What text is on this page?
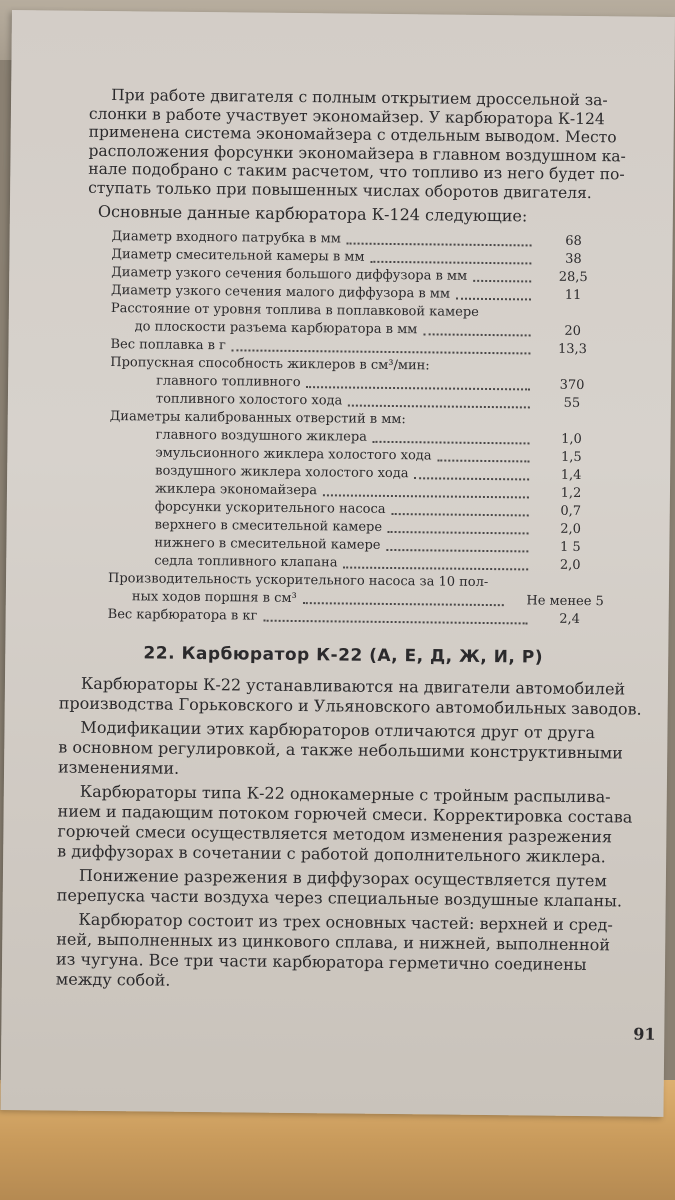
При работе двигателя с полным открытием дроссельной за-
слонки в работе участвует экономайзер. У карбюратора К-124
применена система экономайзера с отдельным выводом. Место
расположения форсунки экономайзера в главном воздушном ка-
нале подобрано с таким расчетом, что топливо из него будет по-
ступать только при повышенных числах оборотов двигателя.

Основные данные карбюратора К-124 следующие:
Диаметр входного патрубка в мм	68
Диаметр смесительной камеры в мм	38
Диаметр узкого сечения большого диффузора в мм	28,5
Диаметр узкого сечения малого диффузора в мм	11
Расстояние от уровня топлива в поплавковой камере
до плоскости разъема карбюратора в мм	20
Вес поплавка в г	13,3
Пропускная способность жиклеров в см³/мин:
главного топливного	370
топливного холостого хода	55
Диаметры калиброванных отверстий в мм:
главного воздушного жиклера	1,0
эмульсионного жиклера холостого хода	1,5
воздушного жиклера холостого хода	1,4
жиклера экономайзера	1,2
форсунки ускорительного насоса	0,7
верхнего в смесительной камере	2,0
нижнего в смесительной камере	1 5
седла топливного клапана	2,0
Производительность ускорительного насоса за 10 пол-
ных ходов поршня в см³	Не менее 5
Вес карбюратора в кг	2,4
22. Карбюратор К-22 (А, Е, Д, Ж, И, Р)

Карбюраторы К-22 устанавливаются на двигатели автомобилей
производства Горьковского и Ульяновского автомобильных заводов.

Модификации этих карбюраторов отличаются друг от друга
в основном регулировкой, а также небольшими конструктивными
изменениями.

Карбюраторы типа К-22 однокамерные с тройным распылива-
нием и падающим потоком горючей смеси. Корректировка состава
горючей смеси осуществляется методом изменения разрежения
в диффузорах в сочетании с работой дополнительного жиклера.

Понижение разрежения в диффузорах осуществляется путем
перепуска части воздуха через специальные воздушные клапаны.

Карбюратор состоит из трех основных частей: верхней и сред-
ней, выполненных из цинкового сплава, и нижней, выполненной
из чугуна. Все три части карбюратора герметично соединены
между собой.

91
